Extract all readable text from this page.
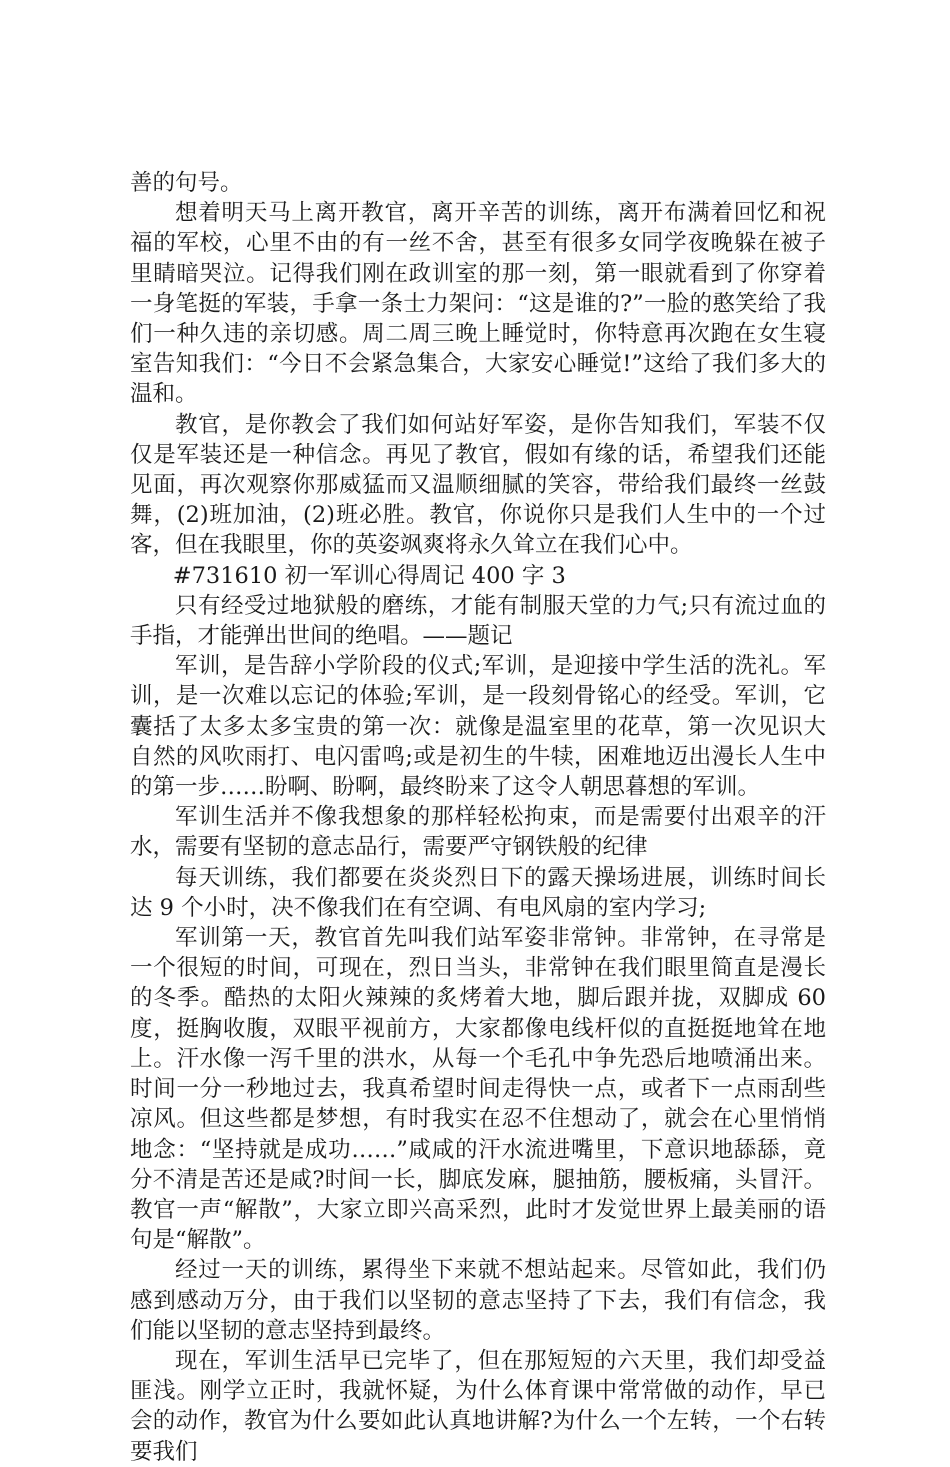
善的句号。

想着明天马上离开教官，离开辛苦的训练，离开布满着回忆和祝福的军校，心里不由的有一丝不舍，甚至有很多女同学夜晚躲在被子里睛暗哭泣。记得我们刚在政训室的那一刻，第一眼就看到了你穿着一身笔挺的军装，手拿一条士力架问：“这是谁的?”一脸的憨笑给了我们一种久违的亲切感。周二周三晚上睡觉时，你特意再次跑在女生寝室告知我们：“今日不会紧急集合，大家安心睡觉!”这给了我们多大的温和。

教官，是你教会了我们如何站好军姿，是你告知我们，军装不仅仅是军装还是一种信念。再见了教官，假如有缘的话，希望我们还能见面，再次观察你那威猛而又温顺细腻的笑容，带给我们最终一丝鼓舞，(2)班加油，(2)班必胜。教官，你说你只是我们人生中的一个过客，但在我眼里，你的英姿飒爽将永久耸立在我们心中。

#731610 初一军训心得周记 400 字 3

只有经受过地狱般的磨练，才能有制服天堂的力气;只有流过血的手指，才能弹出世间的绝唱。——题记

军训，是告辞小学阶段的仪式;军训，是迎接中学生活的洗礼。军训，是一次难以忘记的体验;军训，是一段刻骨铭心的经受。军训，它囊括了太多太多宝贵的第一次：就像是温室里的花草，第一次见识大自然的风吹雨打、电闪雷鸣;或是初生的牛犊，困难地迈出漫长人生中的第一步……盼啊、盼啊，最终盼来了这令人朝思暮想的军训。

军训生活并不像我想象的那样轻松拘束，而是需要付出艰辛的汗水，需要有坚韧的意志品行，需要严守钢铁般的纪律

每天训练，我们都要在炎炎烈日下的露天操场进展，训练时间长达 9 个小时，决不像我们在有空调、有电风扇的室内学习;

军训第一天，教官首先叫我们站军姿非常钟。非常钟，在寻常是一个很短的时间，可现在，烈日当头，非常钟在我们眼里简直是漫长的冬季。酷热的太阳火辣辣的炙烤着大地，脚后跟并拢，双脚成 60 度，挺胸收腹，双眼平视前方，大家都像电线杆似的直挺挺地耸在地上。汗水像一泻千里的洪水，从每一个毛孔中争先恐后地喷涌出来。时间一分一秒地过去，我真希望时间走得快一点，或者下一点雨刮些凉风。但这些都是梦想，有时我实在忍不住想动了，就会在心里悄悄地念：“坚持就是成功……”咸咸的汗水流进嘴里，下意识地舔舔，竟分不清是苦还是咸?时间一长，脚底发麻，腿抽筋，腰板痛，头冒汗。教官一声“解散”，大家立即兴高采烈，此时才发觉世界上最美丽的语句是“解散”。

经过一天的训练，累得坐下来就不想站起来。尽管如此，我们仍感到感动万分，由于我们以坚韧的意志坚持了下去，我们有信念，我们能以坚韧的意志坚持到最终。

现在，军训生活早已完毕了，但在那短短的六天里，我们却受益匪浅。刚学立正时，我就怀疑，为什么体育课中常常做的动作，早已会的动作，教官为什么要如此认真地讲解?为什么一个左转，一个右转要我们
